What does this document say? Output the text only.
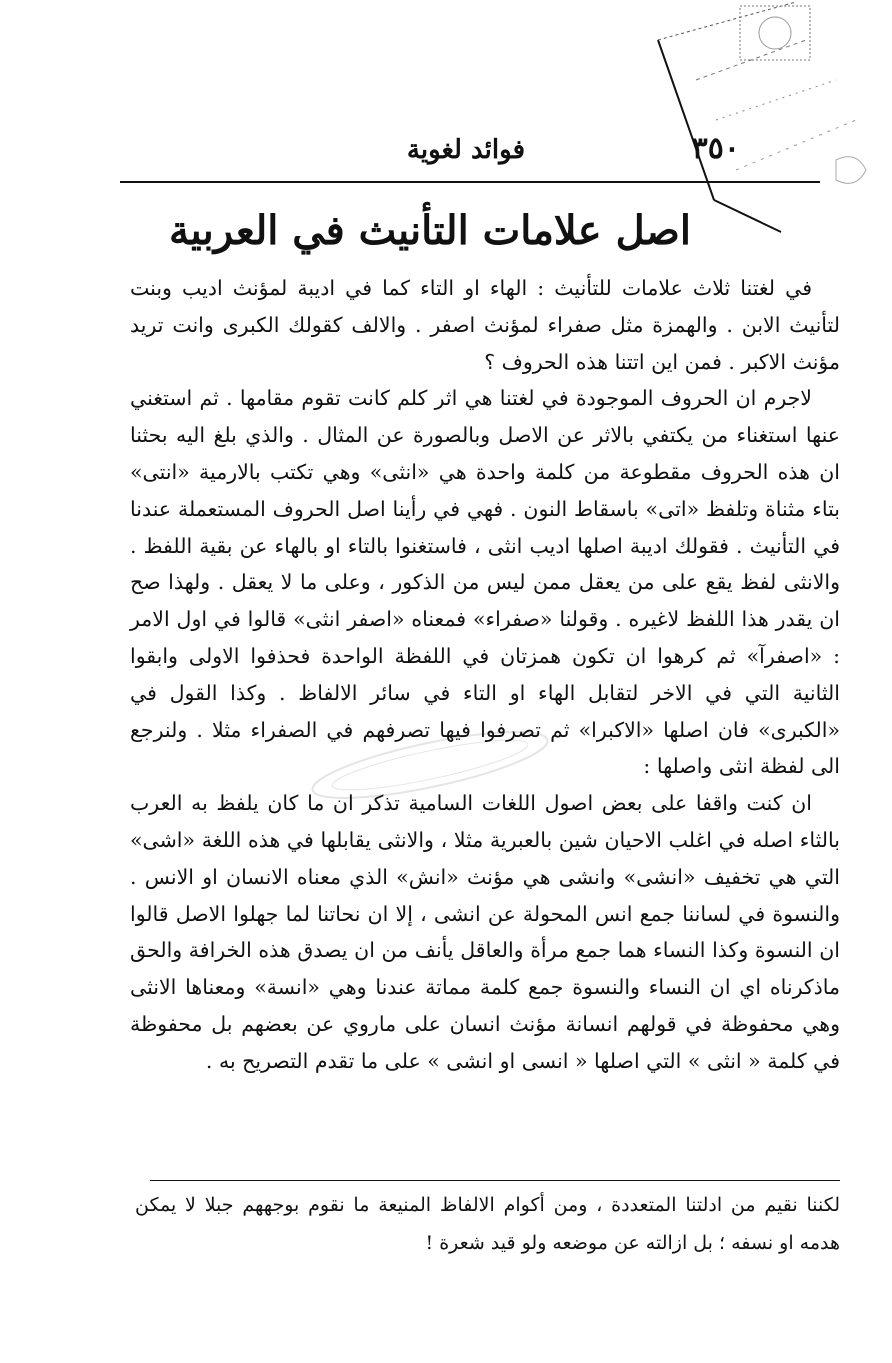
٣٥٠
فوائد لغوية
اصل علامات التأنيث في العربية

في لغتنا ثلاث علامات للتأنيث : الهاء او التاء كما في اديبة لمؤنث اديب وبنت لتأنيث الابن . والهمزة مثل صفراء لمؤنث اصفر . والالف كقولك الكبرى وانت تريد مؤنث الاكبر . فمن اين اتتنا هذه الحروف ؟

لاجرم ان الحروف الموجودة في لغتنا هي اثر كلم كانت تقوم مقامها . ثم استغني عنها استغناء من يكتفي بالاثر عن الاصل وبالصورة عن المثال . والذي بلغ اليه بحثنا ان هذه الحروف مقطوعة من كلمة واحدة هي «انثى» وهي تكتب بالارمية «انتى» بتاء مثناة وتلفظ «اتى» باسقاط النون . فهي في رأينا اصل الحروف المستعملة عندنا في التأنيث . فقولك اديبة اصلها اديب انثى ، فاستغنوا بالتاء او بالهاء عن بقية اللفظ . والانثى لفظ يقع على من يعقل ممن ليس من الذكور ، وعلى ما لا يعقل . ولهذا صح ان يقدر هذا اللفظ لاغيره . وقولنا «صفراء» فمعناه «اصفر انثى» قالوا في اول الامر : «اصفرآ» ثم كرهوا ان تكون همزتان في اللفظة الواحدة فحذفوا الاولى وابقوا الثانية التي في الاخر لتقابل الهاء او التاء في سائر الالفاظ . وكذا القول في «الكبرى» فان اصلها «الاكبرا» ثم تصرفوا فيها تصرفهم في الصفراء مثلا . ولنرجع الى لفظة انثى واصلها :

ان كنت واقفا على بعض اصول اللغات السامية تذكر ان ما كان يلفظ به العرب بالثاء اصله في اغلب الاحيان شين بالعبرية مثلا ، والانثى يقابلها في هذه اللغة «اشى» التي هي تخفيف «انشى» وانشى هي مؤنث «انش» الذي معناه الانسان او الانس . والنسوة في لساننا جمع انس المحولة عن انشى ، إلا ان نحاتنا لما جهلوا الاصل قالوا ان النسوة وكذا النساء هما جمع مرأة والعاقل يأنف من ان يصدق هذه الخرافة والحق ماذكرناه اي ان النساء والنسوة جمع كلمة مماتة عندنا وهي «انسة» ومعناها الانثى وهي محفوظة في قولهم انسانة مؤنث انسان على ماروي عن بعضهم بل محفوظة في كلمة « انثى » التي اصلها « انسى او انشى » على ما تقدم التصريح به .

لكننا نقيم من ادلتنا المتعددة ، ومن أكوام الالفاظ المنيعة ما نقوم بوجههم جبلا لا يمكن هدمه او نسفه ؛ بل ازالته عن موضعه ولو قيد شعرة !
